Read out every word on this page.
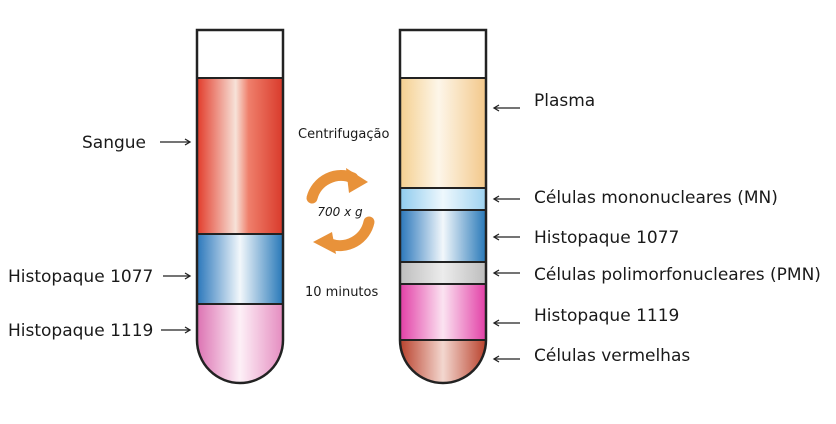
Sangue
Histopaque 1077
Histopaque 1119
Centrifugação
700 x g
10 minutos
Plasma
Células mononucleares (MN)
Histopaque 1077
Células polimorfonucleares (PMN)
Histopaque 1119
Células vermelhas
